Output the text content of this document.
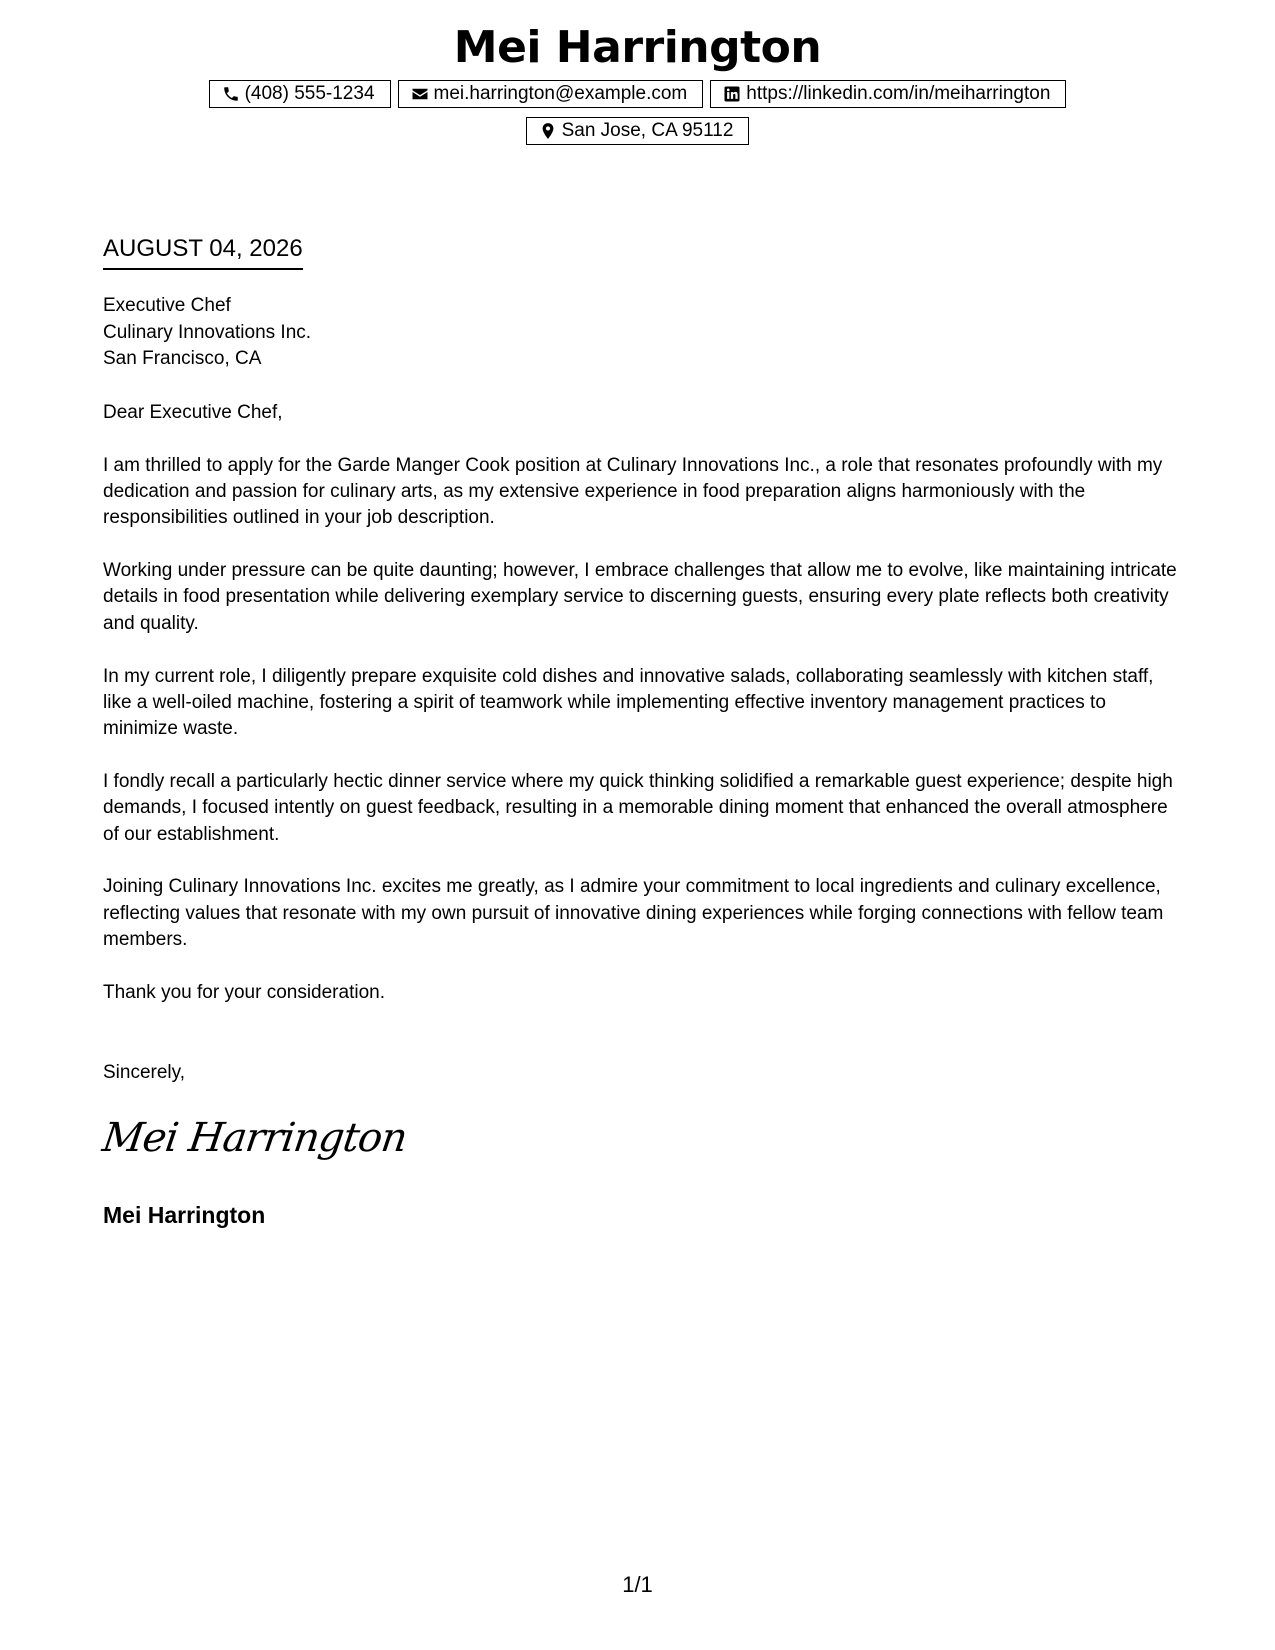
Mei Harrington
(408) 555-1234	mei.harrington@example.com	https://linkedin.com/in/meiharrington
San Jose, CA 95112
AUGUST 04, 2026
Executive Chef
Culinary Innovations Inc.
San Francisco, CA

Dear Executive Chef,

I am thrilled to apply for the Garde Manger Cook position at Culinary Innovations Inc., a role that resonates profoundly with my dedication and passion for culinary arts, as my extensive experience in food preparation aligns harmoniously with the responsibilities outlined in your job description.

Working under pressure can be quite daunting; however, I embrace challenges that allow me to evolve, like maintaining intricate details in food presentation while delivering exemplary service to discerning guests, ensuring every plate reflects both creativity and quality.

In my current role, I diligently prepare exquisite cold dishes and innovative salads, collaborating seamlessly with kitchen staff, like a well-oiled machine, fostering a spirit of teamwork while implementing effective inventory management practices to minimize waste.

I fondly recall a particularly hectic dinner service where my quick thinking solidified a remarkable guest experience; despite high demands, I focused intently on guest feedback, resulting in a memorable dining moment that enhanced the overall atmosphere of our establishment.

Joining Culinary Innovations Inc. excites me greatly, as I admire your commitment to local ingredients and culinary excellence, reflecting values that resonate with my own pursuit of innovative dining experiences while forging connections with fellow team members.

Thank you for your consideration.

Sincerely,
Mei Harrington
Mei Harrington
1/1
